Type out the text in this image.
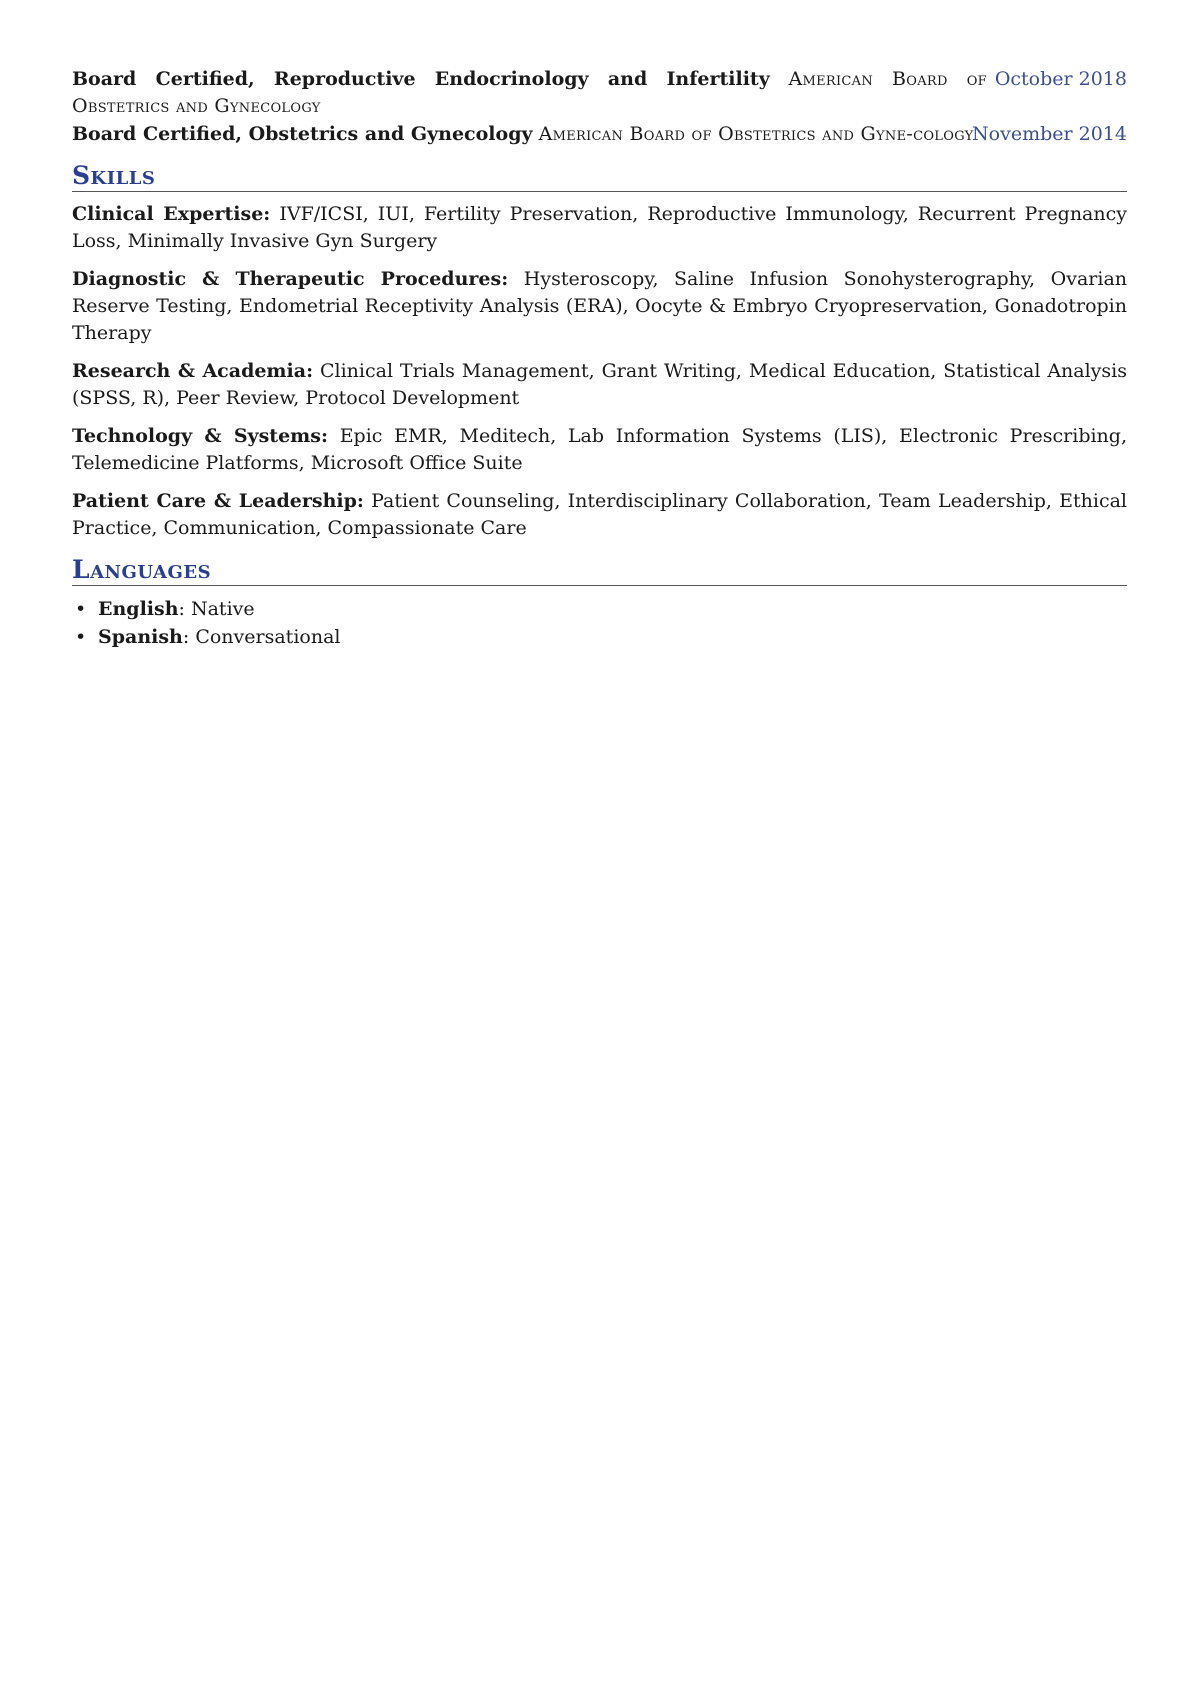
Board Certified, Reproductive Endocrinology and Infertility American Board of Obstetrics and Gynecology
October 2018
Board Certified, Obstetrics and Gynecology American Board of Obstetrics and Gyne-cology
November 2014
Skills

Clinical Expertise: IVF/ICSI, IUI, Fertility Preservation, Reproductive Immunology, Recurrent Pregnancy Loss, Minimally Invasive Gyn Surgery

Diagnostic & Therapeutic Procedures: Hysteroscopy, Saline Infusion Sonohysterography, Ovarian Reserve Testing, Endometrial Receptivity Analysis (ERA), Oocyte & Embryo Cryopreservation, Gonadotropin Therapy

Research & Academia: Clinical Trials Management, Grant Writing, Medical Education, Statistical Analysis (SPSS, R), Peer Review, Protocol Development

Technology & Systems: Epic EMR, Meditech, Lab Information Systems (LIS), Electronic Prescribing, Telemedicine Platforms, Microsoft Office Suite

Patient Care & Leadership: Patient Counseling, Interdisciplinary Collaboration, Team Leadership, Ethical Practice, Communication, Compassionate Care

Languages
• English: Native
• Spanish: Conversational
